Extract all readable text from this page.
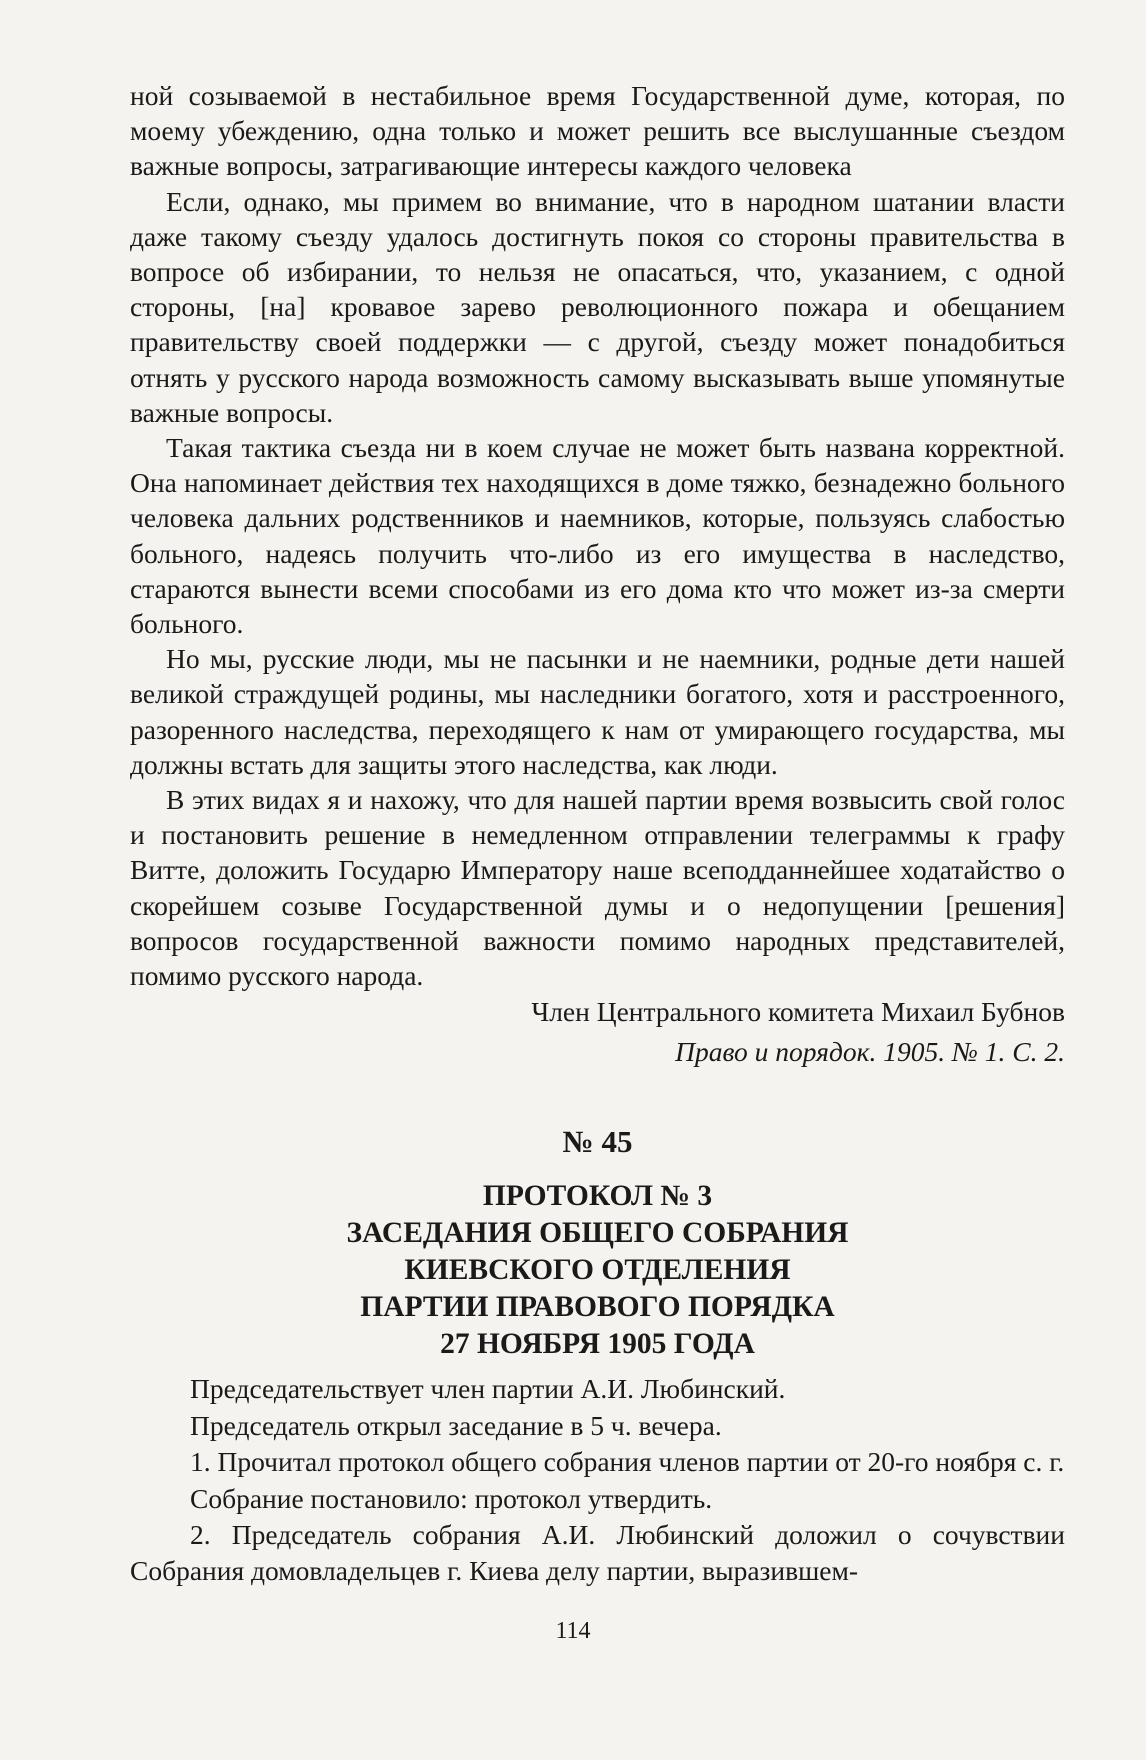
ной созываемой в нестабильное время Государственной думе, которая, по моему убеждению, одна только и может решить все выслушанные съездом важные вопросы, затрагивающие интересы каждого человека

Если, однако, мы примем во внимание, что в народном шатании власти даже такому съезду удалось достигнуть покоя со стороны правительства в вопросе об избирании, то нельзя не опасаться, что, указанием, с одной стороны, [на] кровавое зарево революционного пожара и обещанием правительству своей поддержки — с другой, съезду может понадобиться отнять у русского народа возможность самому высказывать выше упомянутые важные вопросы.

Такая тактика съезда ни в коем случае не может быть названа корректной. Она напоминает действия тех находящихся в доме тяжко, безнадежно больного человека дальних родственников и наемников, которые, пользуясь слабостью больного, надеясь получить что-либо из его имущества в наследство, стараются вынести всеми способами из его дома кто что может из-за смерти больного.

Но мы, русские люди, мы не пасынки и не наемники, родные дети нашей великой страждущей родины, мы наследники богатого, хотя и расстроенного, разоренного наследства, переходящего к нам от умирающего государства, мы должны встать для защиты этого наследства, как люди.

В этих видах я и нахожу, что для нашей партии время возвысить свой голос и постановить решение в немедленном отправлении телеграммы к графу Витте, доложить Государю Императору наше всеподданнейшее ходатайство о скорейшем созыве Государственной думы и о недопущении [решения] вопросов государственной важности помимо народных представителей, помимо русского народа.

Член Центрального комитета Михаил Бубнов
Право и порядок. 1905. № 1. С. 2.
№ 45
ПРОТОКОЛ № 3
ЗАСЕДАНИЯ ОБЩЕГО СОБРАНИЯ
КИЕВСКОГО ОТДЕЛЕНИЯ
ПАРТИИ ПРАВОВОГО ПОРЯДКА
27 НОЯБРЯ 1905 ГОДА

Председательствует член партии А.И. Любинский.

Председатель открыл заседание в 5 ч. вечера.

1. Прочитал протокол общего собрания членов партии от 20-го ноября с. г.

Собрание постановило: протокол утвердить.

2. Председатель собрания А.И. Любинский доложил о сочувствии Собрания домовладельцев г. Киева делу партии, выразившем-

114
